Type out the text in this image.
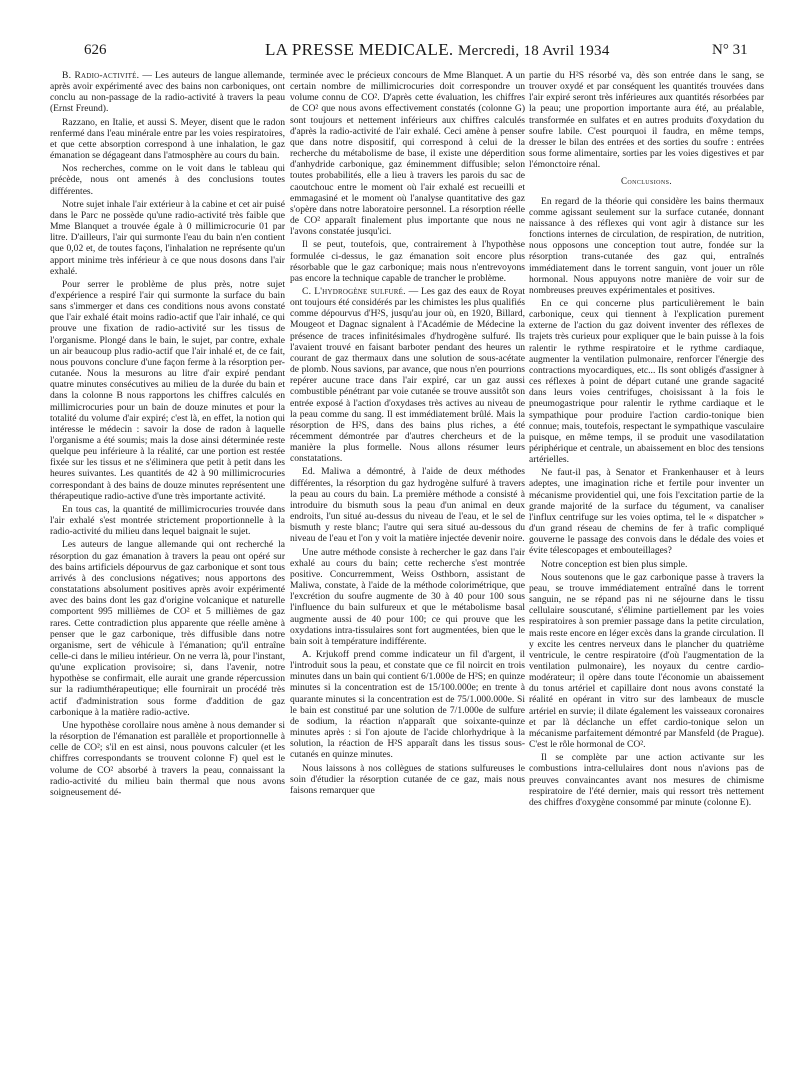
626	LA PRESSE MEDICALE. Mercredi, 18 Avril 1934	N° 31

B. Radio-activité. — Les auteurs de langue allemande, après avoir expérimenté avec des bains non carboniques, ont conclu au non-passage de la radio-activité à travers la peau (Ernst Freund).

Razzano, en Italie, et aussi S. Meyer, disent que le radon renfermé dans l'eau minérale entre par les voies respiratoires, et que cette absorption correspond à une inhalation, le gaz émanation se dégageant dans l'atmosphère au cours du bain.

Nos recherches, comme on le voit dans le tableau qui précède, nous ont amenés à des conclusions toutes différentes.

Notre sujet inhale l'air extérieur à la cabine et cet air puisé dans le Parc ne possède qu'une radio-activité très faible que Mme Blanquet a trouvée égale à 0 millimicrocurie 01 par litre. D'ailleurs, l'air qui surmonte l'eau du bain n'en contient que 0,02 et, de toutes façons, l'inhalation ne représente qu'un apport minime très inférieur à ce que nous dosons dans l'air exhalé.

Pour serrer le problème de plus près, notre sujet d'expérience a respiré l'air qui surmonte la surface du bain sans s'immerger et dans ces conditions nous avons constaté que l'air exhalé était moins radio-actif que l'air inhalé, ce qui prouve une fixation de radio-activité sur les tissus de l'organisme. Plongé dans le bain, le sujet, par contre, exhale un air beaucoup plus radio-actif que l'air inhalé et, de ce fait, nous pouvons conclure d'une façon ferme à la résorption per-cutanée. Nous la mesurons au litre d'air expiré pendant quatre minutes consécutives au milieu de la durée du bain et dans la colonne B nous rapportons les chiffres calculés en millimicrocuries pour un bain de douze minutes et pour la totalité du volume d'air expiré; c'est là, en effet, la notion qui intéresse le médecin : savoir la dose de radon à laquelle l'organisme a été soumis; mais la dose ainsi déterminée reste quelque peu inférieure à la réalité, car une portion est restée fixée sur les tissus et ne s'éliminera que petit à petit dans les heures suivantes. Les quantités de 42 à 90 millimicrocuries correspondant à des bains de douze minutes représentent une thérapeutique radio-active d'une très importante activité.

En tous cas, la quantité de millimicrocuries trouvée dans l'air exhalé s'est montrée strictement proportionnelle à la radio-activité du milieu dans lequel baignait le sujet.

Les auteurs de langue allemande qui ont recherché la résorption du gaz émanation à travers la peau ont opéré sur des bains artificiels dépourvus de gaz carbonique et sont tous arrivés à des conclusions négatives; nous apportons des constatations absolument positives après avoir expérimenté avec des bains dont les gaz d'origine volcanique et naturelle comportent 995 millièmes de CO² et 5 millièmes de gaz rares. Cette contradiction plus apparente que réelle amène à penser que le gaz carbonique, très diffusible dans notre organisme, sert de véhicule à l'émanation; qu'il entraîne celle-ci dans le milieu intérieur. On ne verra là, pour l'instant, qu'une explication provisoire; si, dans l'avenir, notre hypothèse se confirmait, elle aurait une grande répercussion sur la radiumthérapeutique; elle fournirait un procédé très actif d'administration sous forme d'addition de gaz carbonique à la matière radio-active.

Une hypothèse corollaire nous amène à nous demander si la résorption de l'émanation est parallèle et proportionnelle à celle de CO²; s'il en est ainsi, nous pouvons calculer (et les chiffres correspondants se trouvent colonne F) quel est le volume de CO² absorbé à travers la peau, connaissant la radio-activité du milieu bain thermal que nous avons soigneusement dé-

terminée avec le précieux concours de Mme Blanquet. A un certain nombre de millimicrocuries doit correspondre un volume connu de CO². D'après cette évaluation, les chiffres de CO² que nous avons effectivement constatés (colonne G) sont toujours et nettement inférieurs aux chiffres calculés d'après la radio-activité de l'air exhalé. Ceci amène à penser que dans notre dispositif, qui correspond à celui de la recherche du métabolisme de base, il existe une déperdition d'anhydride carbonique, gaz éminemment diffusible; selon toutes probabilités, elle a lieu à travers les parois du sac de caoutchouc entre le moment où l'air exhalé est recueilli et emmagasiné et le moment où l'analyse quantitative des gaz s'opère dans notre laboratoire personnel. La résorption réelle de CO² apparaît finalement plus importante que nous ne l'avons constatée jusqu'ici.

Il se peut, toutefois, que, contrairement à l'hypothèse formulée ci-dessus, le gaz émanation soit encore plus résorbable que le gaz carbonique; mais nous n'entrevoyons pas encore la technique capable de trancher le problème.

C. L'hydrogène sulfuré. — Les gaz des eaux de Royat ont toujours été considérés par les chimistes les plus qualifiés comme dépourvus d'H²S, jusqu'au jour où, en 1920, Billard, Mougeot et Dagnac signalent à l'Académie de Médecine la présence de traces infinitésimales d'hydrogène sulfuré. Ils l'avaient trouvé en faisant barboter pendant des heures un courant de gaz thermaux dans une solution de sous-acétate de plomb. Nous savions, par avance, que nous n'en pourrions repérer aucune trace dans l'air expiré, car un gaz aussi combustible pénétrant par voie cutanée se trouve aussitôt son entrée exposé à l'action d'oxydases très actives au niveau de la peau comme du sang. Il est immédiatement brûlé. Mais la résorption de H²S, dans des bains plus riches, a été récemment démontrée par d'autres chercheurs et de la manière la plus formelle. Nous allons résumer leurs constatations.

Ed. Maliwa a démontré, à l'aide de deux méthodes différentes, la résorption du gaz hydrogène sulfuré à travers la peau au cours du bain. La première méthode a consisté à introduire du bismuth sous la peau d'un animal en deux endroits, l'un situé au-dessus du niveau de l'eau, et le sel de bismuth y reste blanc; l'autre qui sera situé au-dessous du niveau de l'eau et l'on y voit la matière injectée devenir noire.

Une autre méthode consiste à rechercher le gaz dans l'air exhalé au cours du bain; cette recherche s'est montrée positive. Concurremment, Weiss Osthborn, assistant de Maliwa, constate, à l'aide de la méthode colorimétrique, que l'excrétion du soufre augmente de 30 à 40 pour 100 sous l'influence du bain sulfureux et que le métabolisme basal augmente aussi de 40 pour 100; ce qui prouve que les oxydations intra-tissulaires sont fort augmentées, bien que le bain soit à température indifférente.

A. Krjukoff prend comme indicateur un fil d'argent, il l'introduit sous la peau, et constate que ce fil noircit en trois minutes dans un bain qui contient 6/1.000e de H²S; en quinze minutes si la concentration est de 15/100.000e; en trente à quarante minutes si la concentration est de 75/1.000.000e. Si le bain est constitué par une solution de 7/1.000e de sulfure de sodium, la réaction n'apparaît que soixante-quinze minutes après : si l'on ajoute de l'acide chlorhydrique à la solution, la réaction de H²S apparaît dans les tissus sous-cutanés en quinze minutes.

Nous laissons à nos collègues de stations sulfureuses le soin d'étudier la résorption cutanée de ce gaz, mais nous faisons remarquer que

partie du H²S résorbé va, dès son entrée dans le sang, se trouver oxydé et par conséquent les quantités trouvées dans l'air expiré seront très inférieures aux quantités résorbées par la peau; une proportion importante aura été, au préalable, transformée en sulfates et en autres produits d'oxydation du soufre labile. C'est pourquoi il faudra, en même temps, dresser le bilan des entrées et des sorties du soufre : entrées sous forme alimentaire, sorties par les voies digestives et par l'émonctoire rénal.

Conclusions.

En regard de la théorie qui considère les bains thermaux comme agissant seulement sur la surface cutanée, donnant naissance à des réflexes qui vont agir à distance sur les fonctions internes de circulation, de respiration, de nutrition, nous opposons une conception tout autre, fondée sur la résorption trans-cutanée des gaz qui, entraînés immédiatement dans le torrent sanguin, vont jouer un rôle hormonal. Nous appuyons notre manière de voir sur de nombreuses preuves expérimentales et positives.

En ce qui concerne plus particulièrement le bain carbonique, ceux qui tiennent à l'explication purement externe de l'action du gaz doivent inventer des réflexes de trajets très curieux pour expliquer que le bain puisse à la fois ralentir le rythme respiratoire et le rythme cardiaque, augmenter la ventilation pulmonaire, renforcer l'énergie des contractions myocardiques, etc... Ils sont obligés d'assigner à ces réflexes à point de départ cutané une grande sagacité dans leurs voies centrifuges, choisissant à la fois le pneumogastrique pour ralentir le rythme cardiaque et le sympathique pour produire l'action cardio-tonique bien connue; mais, toutefois, respectant le sympathique vasculaire puisque, en même temps, il se produit une vasodilatation périphérique et centrale, un abaissement en bloc des tensions artérielles.

Ne faut-il pas, à Senator et Frankenhauser et à leurs adeptes, une imagination riche et fertile pour inventer un mécanisme providentiel qui, une fois l'excitation partie de la grande majorité de la surface du tégument, va canaliser l'influx centrifuge sur les voies optima, tel le « dispatcher » d'un grand réseau de chemins de fer à trafic compliqué gouverne le passage des convois dans le dédale des voies et évite télescopages et embouteillages?

Notre conception est bien plus simple.

Nous soutenons que le gaz carbonique passe à travers la peau, se trouve immédiatement entraîné dans le torrent sanguin, ne se répand pas ni ne séjourne dans le tissu cellulaire souscutané, s'élimine partiellement par les voies respiratoires à son premier passage dans la petite circulation, mais reste encore en léger excès dans la grande circulation. Il y excite les centres nerveux dans le plancher du quatrième ventricule, le centre respiratoire (d'où l'augmentation de la ventilation pulmonaire), les noyaux du centre cardio-modérateur; il opère dans toute l'économie un abaissement du tonus artériel et capillaire dont nous avons constaté la réalité en opérant in vitro sur des lambeaux de muscle artériel en survie; il dilate également les vaisseaux coronaires et par là déclanche un effet cardio-tonique selon un mécanisme parfaitement démontré par Mansfeld (de Prague). C'est le rôle hormonal de CO².

Il se complète par une action activante sur les combustions intra-cellulaires dont nous n'avions pas de preuves convaincantes avant nos mesures de chimisme respiratoire de l'été dernier, mais qui ressort très nettement des chiffres d'oxygène consommé par minute (colonne E).
